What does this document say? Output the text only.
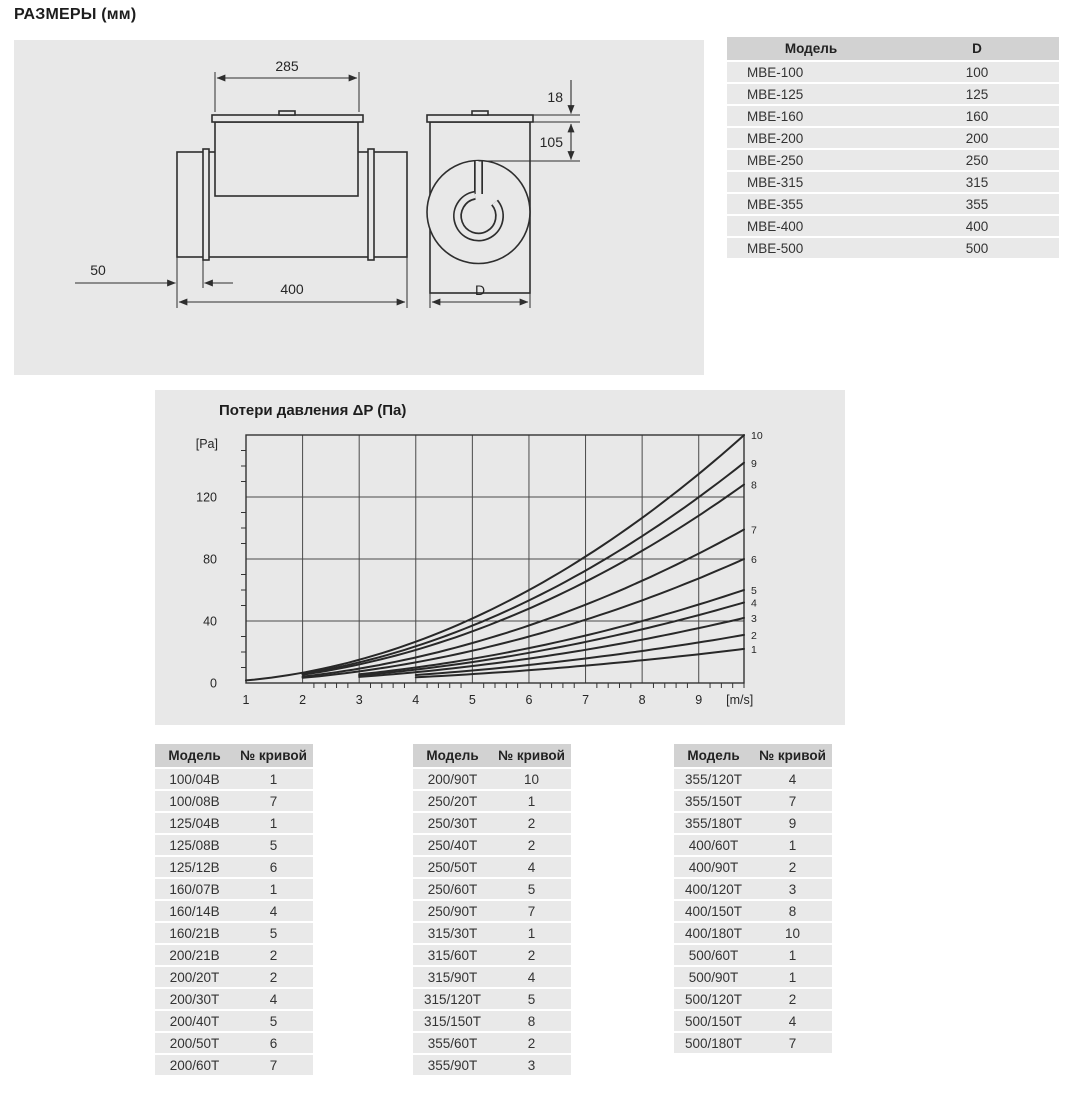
РАЗМЕРЫ (мм)
285
50
400
18
105
D
Модель	D
MBE-100	100
MBE-125	125
MBE-160	160
MBE-200	200
MBE-250	250
MBE-315	315
MBE-355	355
MBE-400	400
MBE-500	500
Потери давления ΔP (Па)
1
2
3
4
5
6
7
8
9
10
1	2	3	4	5	6	7	8	9
0
40
80
120
[m/s]
[Pa]
Модель	№ кривой
100/04B	1
100/08B	7
125/04B	1
125/08B	5
125/12B	6
160/07B	1
160/14B	4
160/21B	5
200/21B	2
200/20T	2
200/30T	4
200/40T	5
200/50T	6
200/60T	7
Модель	№ кривой
200/90T	10
250/20T	1
250/30T	2
250/40T	2
250/50T	4
250/60T	5
250/90T	7
315/30T	1
315/60T	2
315/90T	4
315/120T	5
315/150T	8
355/60T	2
355/90T	3
Модель	№ кривой
355/120T	4
355/150T	7
355/180T	9
400/60T	1
400/90T	2
400/120T	3
400/150T	8
400/180T	10
500/60T	1
500/90T	1
500/120T	2
500/150T	4
500/180T	7
